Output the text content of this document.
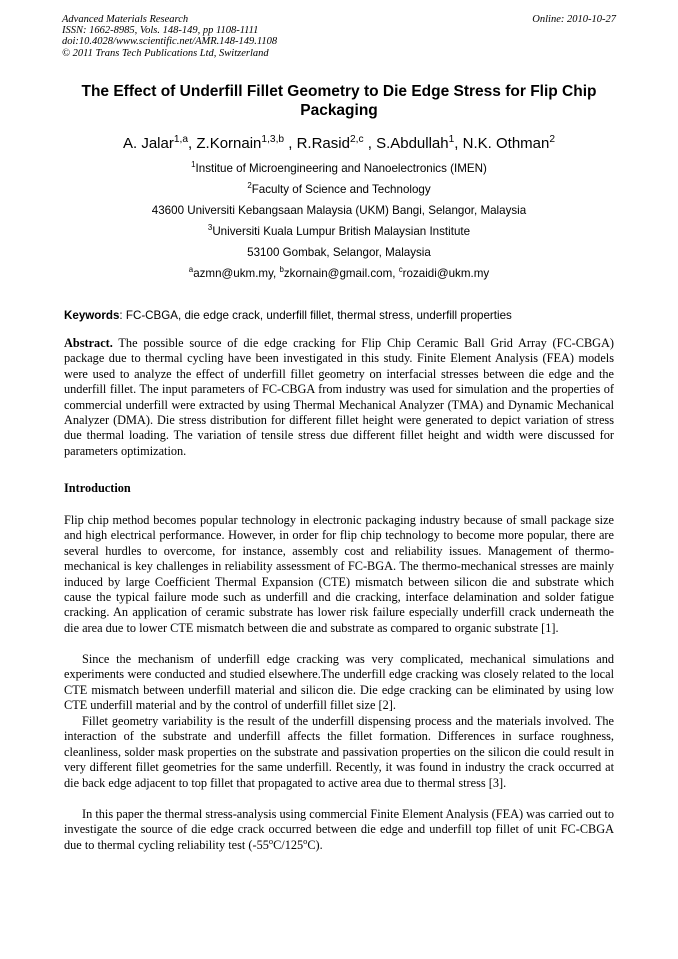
Advanced Materials Research
ISSN: 1662-8985, Vols. 148-149, pp 1108-1111
doi:10.4028/www.scientific.net/AMR.148-149.1108
© 2011 Trans Tech Publications Ltd, Switzerland
Online: 2010-10-27
The Effect of Underfill Fillet Geometry to Die Edge Stress for Flip Chip Packaging
A. Jalar$^{1,a}$, Z.Kornain$^{1,3,b}$ , R.Rasid$^{2,c}$ , S.Abdullah$^1$, N.K. Othman$^2$
$^1$Institue of Microengineering and Nanoelectronics (IMEN)
$^2$Faculty of Science and Technology
43600 Universiti Kebangsaan Malaysia (UKM) Bangi, Selangor, Malaysia
$^3$Universiti Kuala Lumpur British Malaysian Institute
53100 Gombak, Selangor, Malaysia
$^a$azmn@ukm.my, $^b$zkornain@gmail.com, $^c$rozaidi@ukm.my
Keywords: FC-CBGA, die edge crack, underfill fillet, thermal stress, underfill properties
Abstract. The possible source of die edge cracking for Flip Chip Ceramic Ball Grid Array (FC-CBGA) package due to thermal cycling have been investigated in this study. Finite Element Analysis (FEA) models were used to analyze the effect of underfill fillet geometry on interfacial stresses between die edge and the underfill fillet. The input parameters of FC-CBGA from industry was used for simulation and the properties of commercial underfill were extracted by using Thermal Mechanical Analyzer (TMA) and Dynamic Mechanical Analyzer (DMA). Die stress distribution for different fillet height were generated to depict variation of stress due thermal loading. The variation of tensile stress due different fillet height and width were discussed for parameters optimization.
Introduction
Flip chip method becomes popular technology in electronic packaging industry because of small package size and high electrical performance. However, in order for flip chip technology to become more popular, there are several hurdles to overcome, for instance, assembly cost and reliability issues. Management of thermo-mechanical is key challenges in reliability assessment of FC-BGA. The thermo-mechanical stresses are mainly induced by large Coefficient Thermal Expansion (CTE) mismatch between silicon die and substrate which cause the typical failure mode such as underfill and die cracking, interface delamination and solder fatigue cracking. An application of ceramic substrate has lower risk failure especially underfill crack underneath the die area due to lower CTE mismatch between die and substrate as compared to organic substrate [1].
Since the mechanism of underfill edge cracking was very complicated, mechanical simulations and experiments were conducted and studied elsewhere.The underfill edge cracking was closely related to the local CTE mismatch between underfill material and silicon die. Die edge cracking can be eliminated by using low CTE underfill material and by the control of underfill fillet size [2].
Fillet geometry variability is the result of the underfill dispensing process and the materials involved. The interaction of the substrate and underfill affects the fillet formation. Differences in surface roughness, cleanliness, solder mask properties on the substrate and passivation properties on the silicon die could result in very different fillet geometries for the same underfill. Recently, it was found in industry the crack occurred at die back edge adjacent to top fillet that propagated to active area due to thermal stress [3].
In this paper the thermal stress-analysis using commercial Finite Element Analysis (FEA) was carried out to investigate the source of die edge crack occurred between die edge and underfill top fillet of unit FC-CBGA due to thermal cycling reliability test (-55$^o$C/125$^o$C).
